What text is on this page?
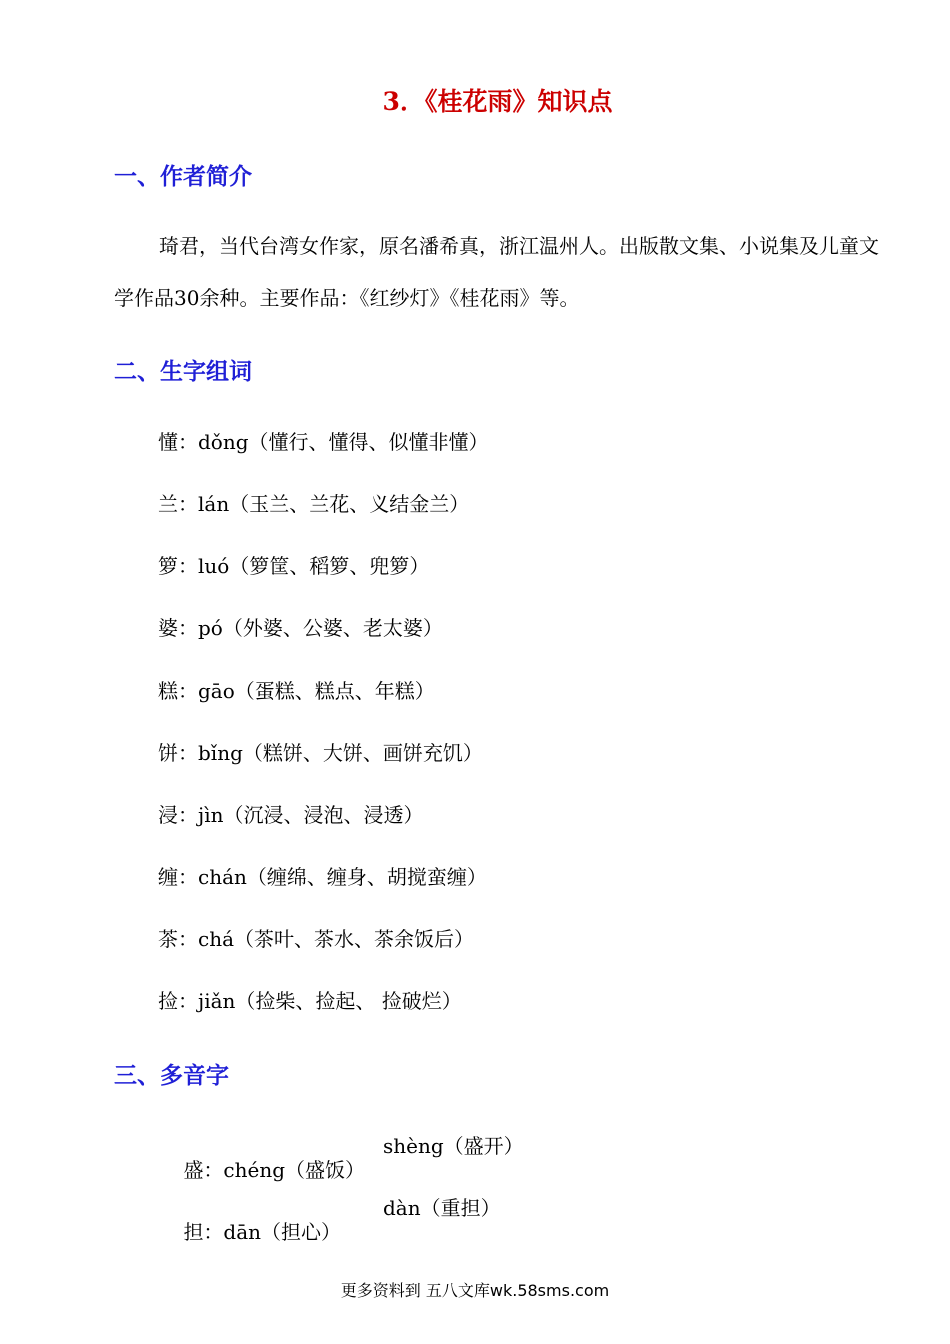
3．《桂花雨》知识点
一、作者简介
琦君，当代台湾女作家，原名潘希真，浙江温州人。出版散文集、小说集及儿童文学作品30余种。主要作品：《红纱灯》《桂花雨》等。
二、生字组词
懂：dǒng（懂行、懂得、似懂非懂）
兰：lán（玉兰、兰花、义结金兰）
箩：luó（箩筐、稻箩、兜箩）
婆：pó（外婆、公婆、老太婆）
糕：gāo（蛋糕、糕点、年糕）
饼：bǐng（糕饼、大饼、画饼充饥）
浸：jìn（沉浸、浸泡、浸透）
缠：chán（缠绵、缠身、胡搅蛮缠）
茶：chá（茶叶、茶水、茶余饭后）
捡：jiǎn（捡柴、捡起、 捡破烂）
三、多音字

盛：chéng（盛饭）

shèng（盛开）

担：dān（担心）

dàn（重担）

更多资料到 五八文库wk.58sms.com
